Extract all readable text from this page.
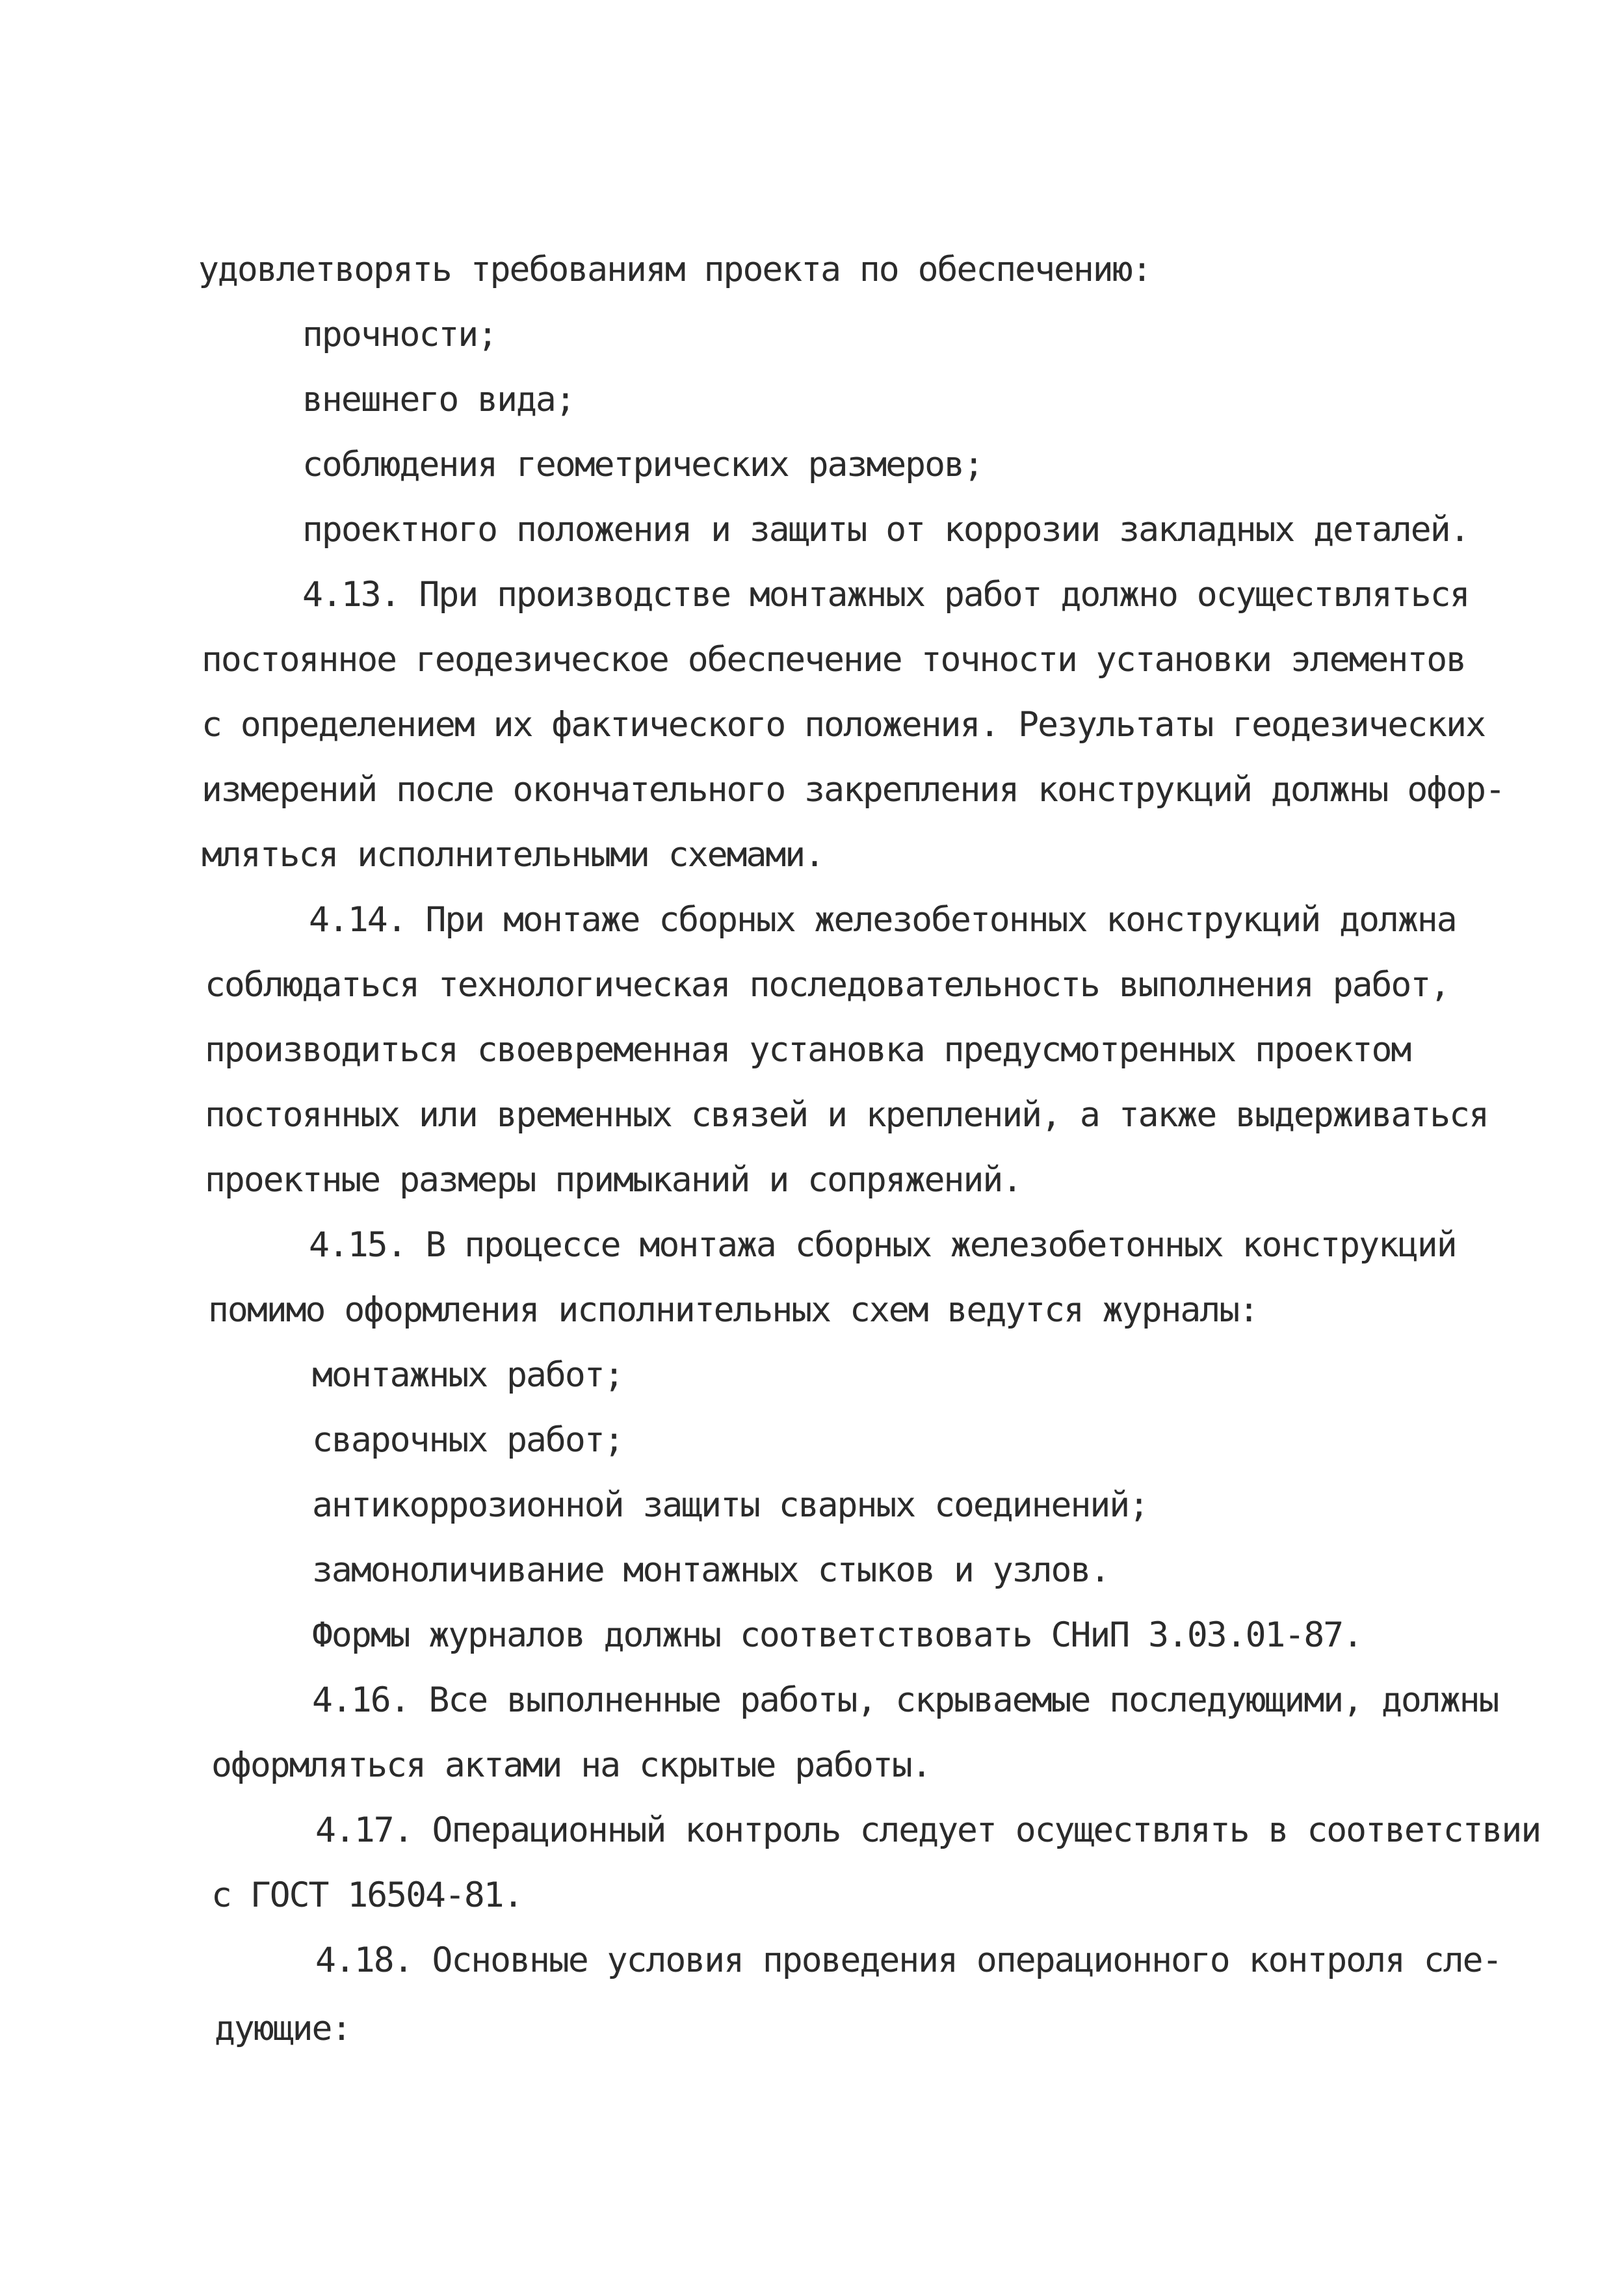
удовлетворять требованиям проекта по обеспечению:

прочности;

внешнего вида;

соблюдения геометрических размеров;

проектного положения и защиты от коррозии закладных деталей.

4.13. При производстве монтажных работ должно осуществляться

постоянное геодезическое обеспечение точности установки элементов

с определением их фактического положения. Результаты геодезических

измерений после окончательного закрепления конструкций должны офор-

мляться исполнительными схемами.

4.14. При монтаже сборных железобетонных конструкций должна

соблюдаться технологическая последовательность выполнения работ,

производиться своевременная установка предусмотренных проектом

постоянных или временных связей и креплений, а также выдерживаться

проектные размеры примыканий и сопряжений.

4.15. В процессе монтажа сборных железобетонных конструкций

помимо оформления исполнительных схем ведутся журналы:

монтажных работ;

сварочных работ;

антикоррозионной защиты сварных соединений;

замоноличивание монтажных стыков и узлов.

Формы журналов должны соответствовать СНиП 3.03.01-87.

4.16. Все выполненные работы, скрываемые последующими, должны

оформляться актами на скрытые работы.

4.17. Операционный контроль следует осуществлять в соответствии

с ГОСТ 16504-81.

4.18. Основные условия проведения операционного контроля сле-

дующие:
